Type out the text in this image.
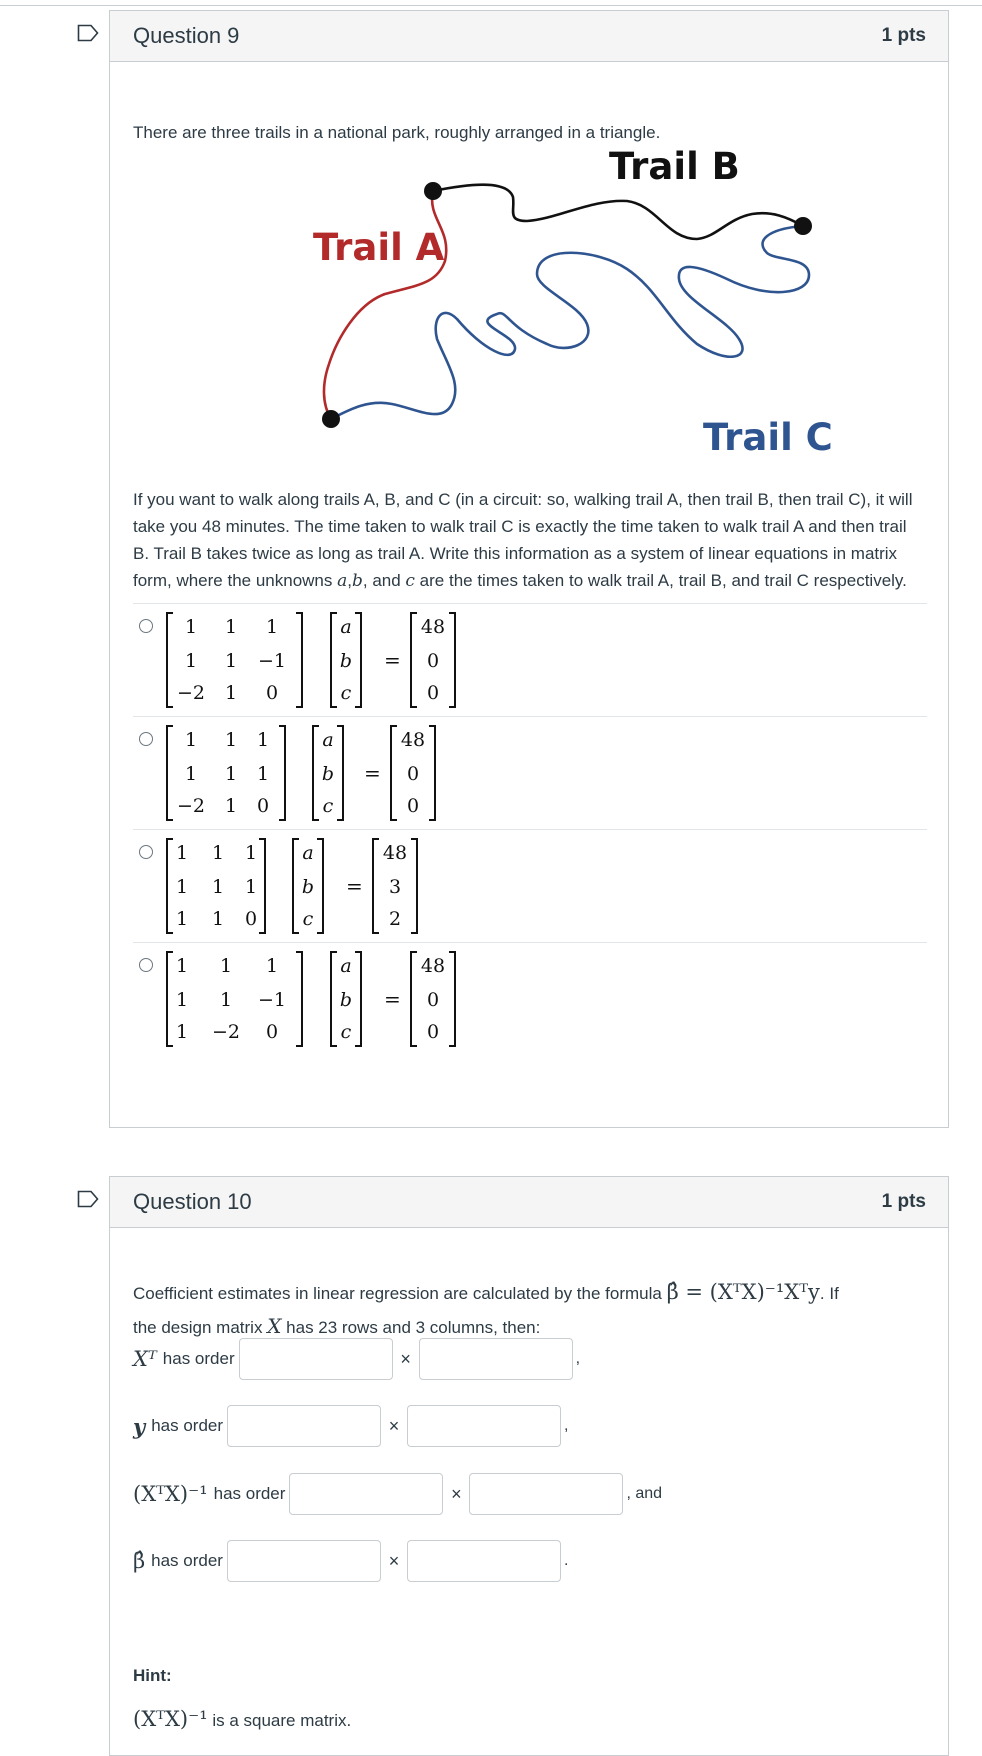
Question 9	1 pts
There are three trails in a national park, roughly arranged in a triangle.
Trail A
Trail B
Trail C
If you want to walk along trails A, B, and C (in a circuit: so, walking trail A, then trail B, then trail C), it will take you 48 minutes. The time taken to walk trail C is exactly the time taken to walk trail A and then trail B. Trail B takes twice as long as trail A. Write this information as a system of linear equations in matrix form, where the unknowns a,b, and c are the times taken to walk trail A, trail B, and trail C respectively.
1	1	1
1	1	−1
−2	1	0
a
b
c
=
48
0
0
1	1	1
1	1	1
−2	1	0
a
b
c
=
48
0
0
1	1	1
1	1	1
1	1	0
a
b
c
=
48
3
2
1	1	1
1	1	−1
1	−2	0
a
b
c
=
48
0
0
Question 10	1 pts
Coefficient estimates in linear regression are calculated by the formula β̂ = (XᵀX)⁻¹Xᵀy. If
the design matrix X has 23 rows and 3 columns, then:
Xᵀ has order	×	,
y has order	×	,
(XᵀX)⁻¹ has order	×	, and
β̂ has order	×	.
Hint:
(XᵀX)⁻¹ is a square matrix.
